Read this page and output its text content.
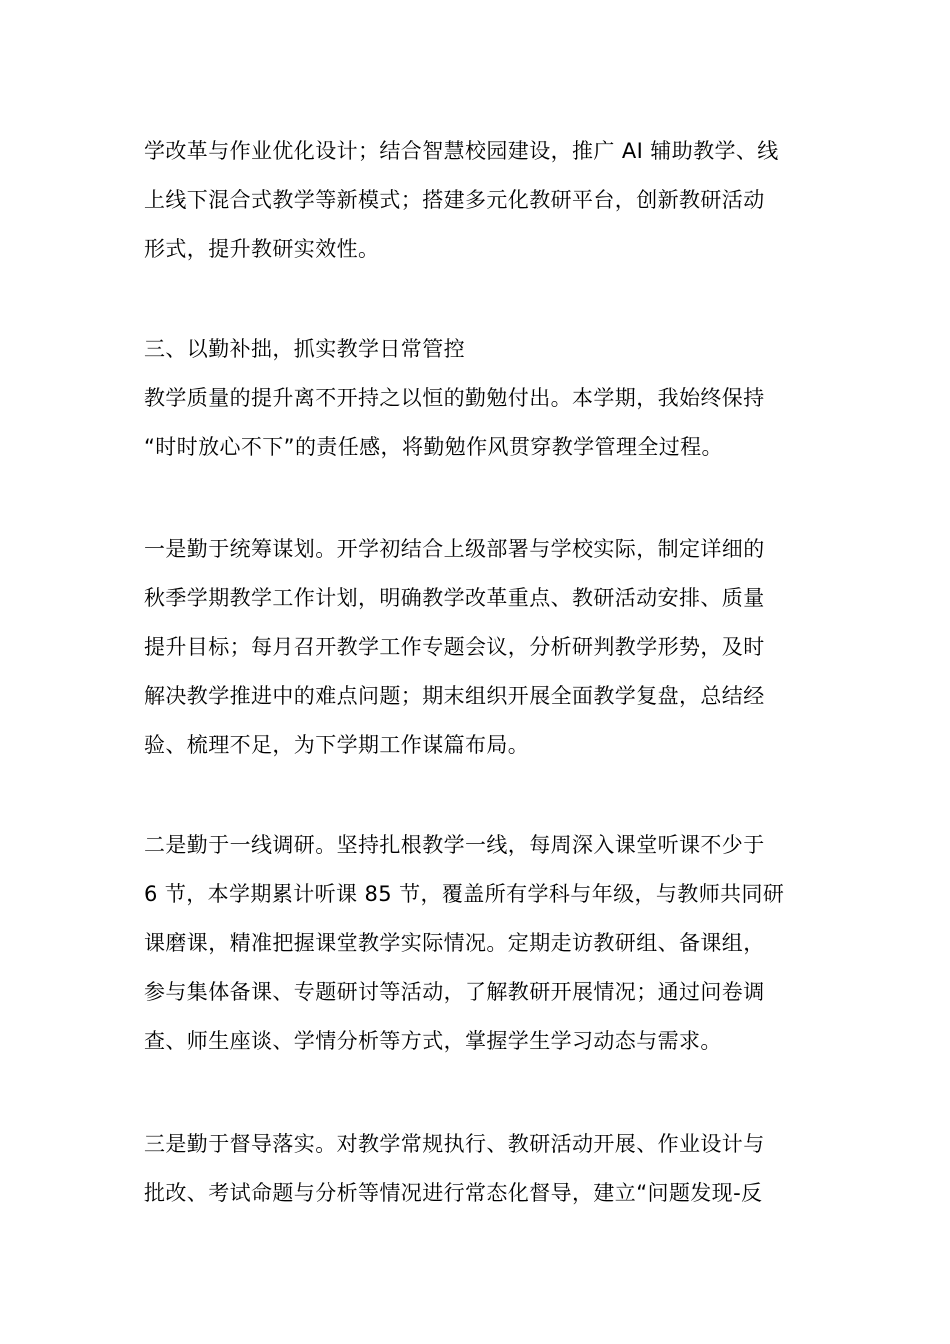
学改革与作业优化设计；结合智慧校园建设，推广 AI 辅助教学、线
上线下混合式教学等新模式；搭建多元化教研平台，创新教研活动
形式，提升教研实效性。
三、以勤补拙，抓实教学日常管控
教学质量的提升离不开持之以恒的勤勉付出。本学期，我始终保持
“时时放心不下”的责任感，将勤勉作风贯穿教学管理全过程。
一是勤于统筹谋划。开学初结合上级部署与学校实际，制定详细的
秋季学期教学工作计划，明确教学改革重点、教研活动安排、质量
提升目标；每月召开教学工作专题会议，分析研判教学形势，及时
解决教学推进中的难点问题；期末组织开展全面教学复盘，总结经
验、梳理不足，为下学期工作谋篇布局。
二是勤于一线调研。坚持扎根教学一线，每周深入课堂听课不少于
6 节，本学期累计听课 85 节，覆盖所有学科与年级，与教师共同研
课磨课，精准把握课堂教学实际情况。定期走访教研组、备课组，
参与集体备课、专题研讨等活动，了解教研开展情况；通过问卷调
查、师生座谈、学情分析等方式，掌握学生学习动态与需求。
三是勤于督导落实。对教学常规执行、教研活动开展、作业设计与
批改、考试命题与分析等情况进行常态化督导，建立“问题发现-反
